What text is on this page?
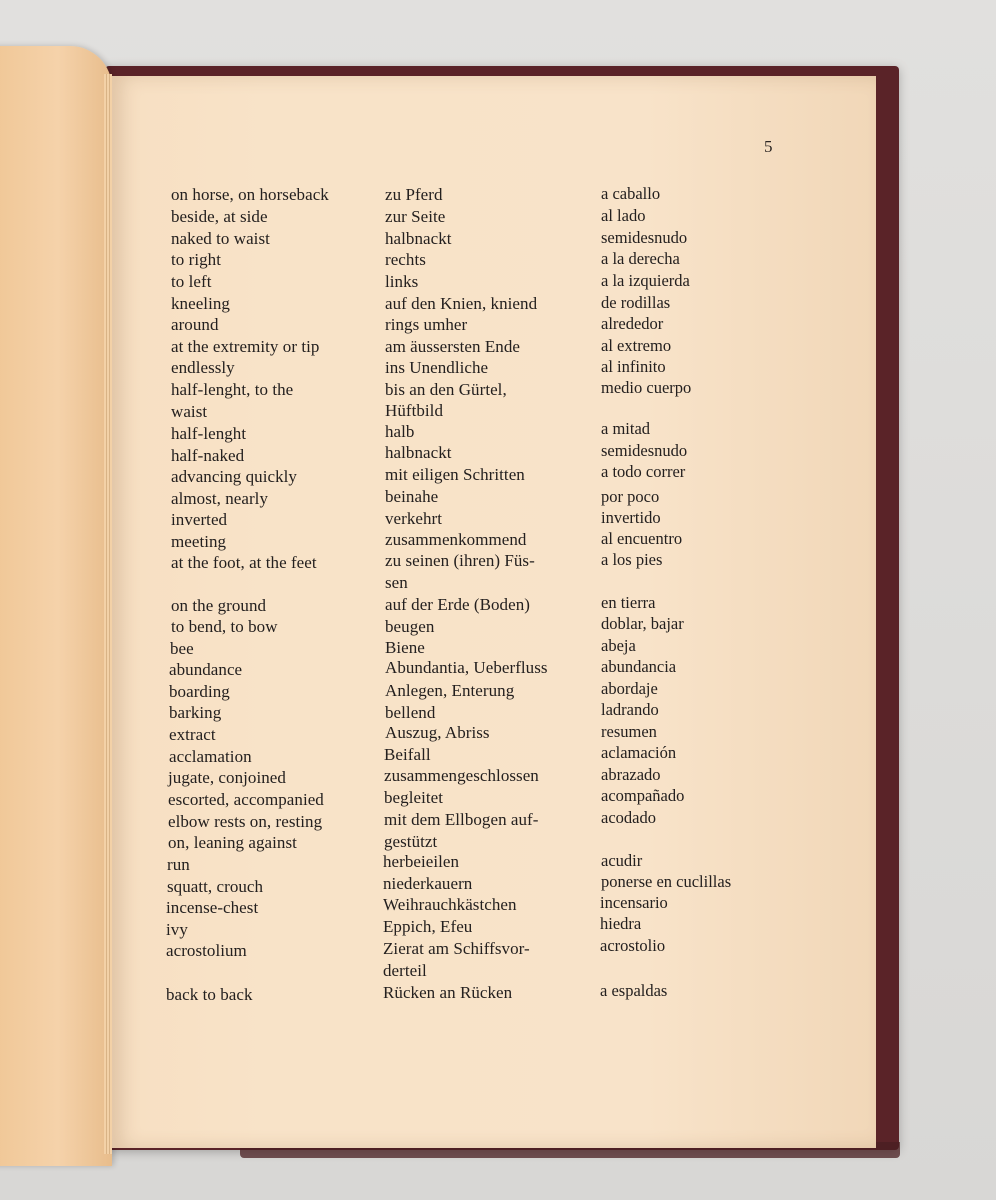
5
on horse, on horseback	zu Pferd	a caballo
beside, at side	zur Seite	al lado
naked to waist	halbnackt	semidesnudo
to right	rechts	a la derecha
to left	links	a la izquierda
kneeling	auf den Knien, kniend	de rodillas
around	rings umher	alrededor
at the extremity or tip	am äussersten Ende	al extremo
endlessly	ins Unendliche	al infinito
half-lenght, to the	bis an den Gürtel,	medio cuerpo
waist	Hüftbild
half-lenght	halb	a mitad
half-naked	halbnackt	semidesnudo
advancing quickly	mit eiligen Schritten	a todo correr
almost, nearly	beinahe	por poco
inverted	verkehrt	invertido
meeting	zusammenkommend	al encuentro
at the foot, at the feet	zu seinen (ihren) Füs-	a los pies
sen
on the ground	auf der Erde (Boden)	en tierra
to bend, to bow	beugen	doblar, bajar
bee	Biene	abeja
abundance	Abundantia, Ueberfluss	abundancia
boarding	Anlegen, Enterung	abordaje
barking	bellend	ladrando
extract	Auszug, Abriss	resumen
acclamation	Beifall	aclamación
jugate, conjoined	zusammengeschlossen	abrazado
escorted, accompanied	begleitet	acompañado
elbow rests on, resting	mit dem Ellbogen auf-	acodado
on, leaning against	gestützt
run	herbeieilen	acudir
squatt, crouch	niederkauern	ponerse en cuclillas
incense-chest	Weihrauchkästchen	incensario
ivy	Eppich, Efeu	hiedra
acrostolium	Zierat am Schiffsvor-	acrostolio
derteil
back to back	Rücken an Rücken	a espaldas
